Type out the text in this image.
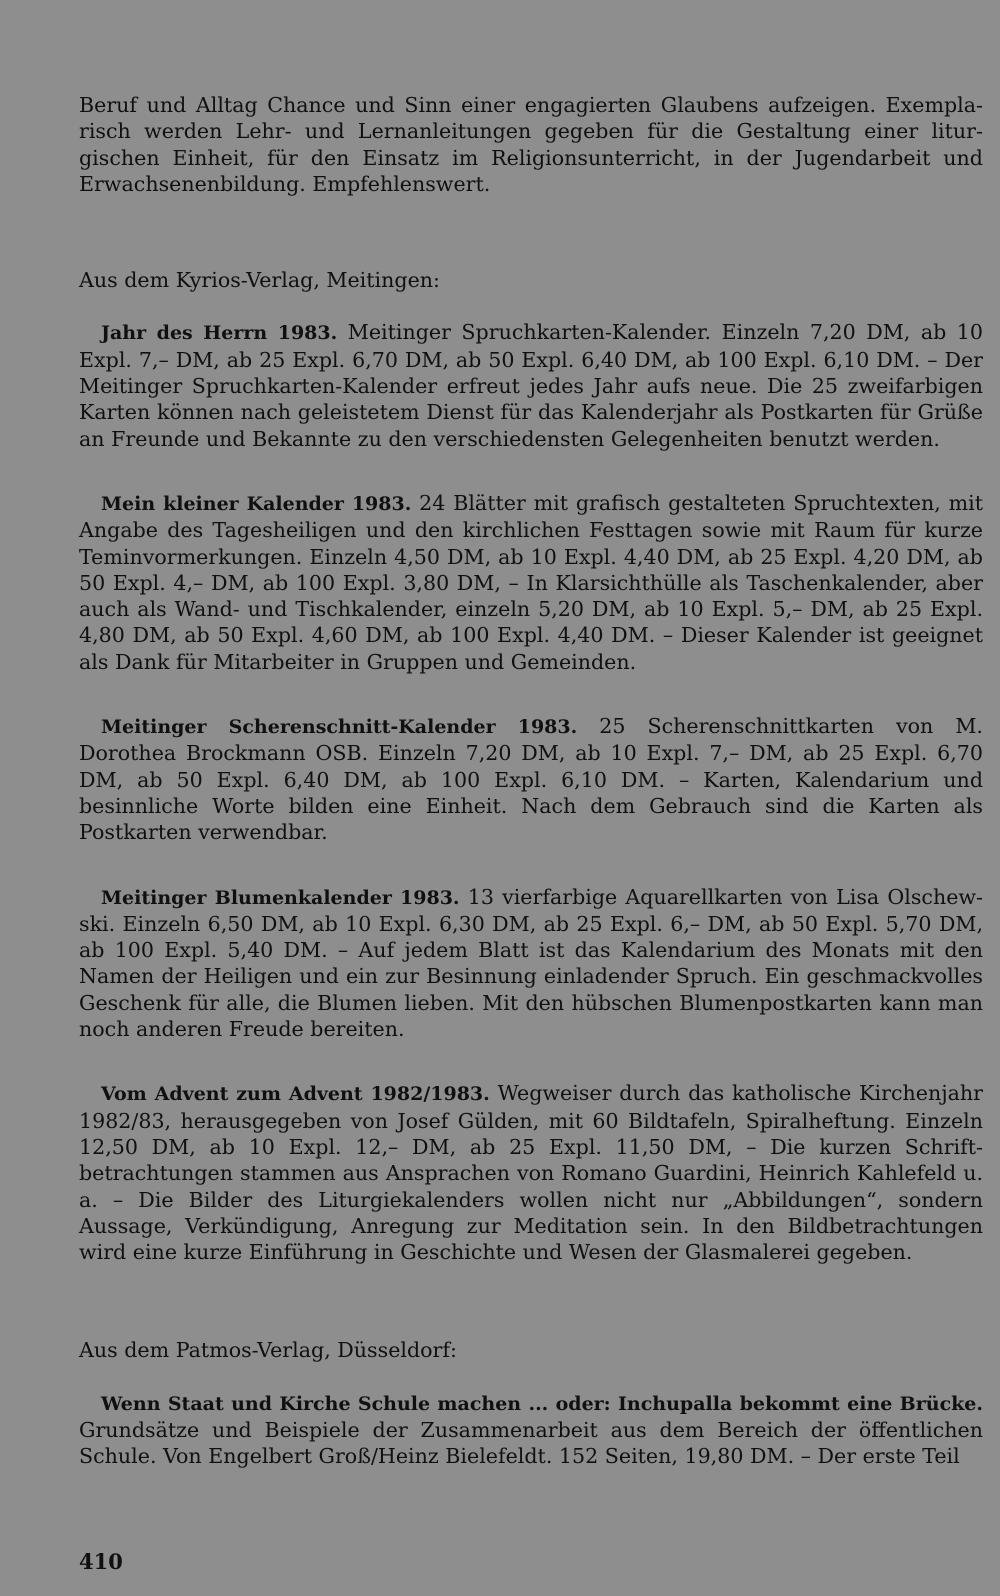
Beruf und Alltag Chance und Sinn einer engagierten Glaubens aufzeigen. Exemplarisch werden Lehr- und Lernanleitungen gegeben für die Gestaltung einer liturgischen Einheit, für den Einsatz im Religionsunterricht, in der Jugendarbeit und Erwachsenenbildung. Empfehlenswert.

Aus dem Kyrios-Verlag, Meitingen:

Jahr des Herrn 1983. Meitinger Spruchkarten-Kalender. Einzeln 7,20 DM, ab 10 Expl. 7,– DM, ab 25 Expl. 6,70 DM, ab 50 Expl. 6,40 DM, ab 100 Expl. 6,10 DM. – Der Meitinger Spruchkarten-Kalender erfreut jedes Jahr aufs neue. Die 25 zweifarbigen Karten können nach geleistetem Dienst für das Kalenderjahr als Postkarten für Grüße an Freunde und Bekannte zu den verschiedensten Gelegenheiten benutzt werden.

Mein kleiner Kalender 1983. 24 Blätter mit grafisch gestalteten Spruchtexten, mit Angabe des Tagesheiligen und den kirchlichen Festtagen sowie mit Raum für kurze Teminvormerkungen. Einzeln 4,50 DM, ab 10 Expl. 4,40 DM, ab 25 Expl. 4,20 DM, ab 50 Expl. 4,– DM, ab 100 Expl. 3,80 DM, – In Klarsichthülle als Taschenkalender, aber auch als Wand- und Tischkalender, einzeln 5,20 DM, ab 10 Expl. 5,– DM, ab 25 Expl. 4,80 DM, ab 50 Expl. 4,60 DM, ab 100 Expl. 4,40 DM. – Dieser Kalender ist geeignet als Dank für Mitarbeiter in Gruppen und Gemeinden.

Meitinger Scherenschnitt-Kalender 1983. 25 Scherenschnittkarten von M. Dorothea Brockmann OSB. Einzeln 7,20 DM, ab 10 Expl. 7,– DM, ab 25 Expl. 6,70 DM, ab 50 Expl. 6,40 DM, ab 100 Expl. 6,10 DM. – Karten, Kalendarium und besinnliche Worte bilden eine Einheit. Nach dem Gebrauch sind die Karten als Postkarten verwendbar.

Meitinger Blumenkalender 1983. 13 vierfarbige Aquarellkarten von Lisa Olschewski. Einzeln 6,50 DM, ab 10 Expl. 6,30 DM, ab 25 Expl. 6,– DM, ab 50 Expl. 5,70 DM, ab 100 Expl. 5,40 DM. – Auf jedem Blatt ist das Kalendarium des Monats mit den Namen der Heiligen und ein zur Besinnung einladender Spruch. Ein geschmackvolles Geschenk für alle, die Blumen lieben. Mit den hübschen Blumenpostkarten kann man noch anderen Freude bereiten.

Vom Advent zum Advent 1982/1983. Wegweiser durch das katholische Kirchenjahr 1982/83, herausgegeben von Josef Gülden, mit 60 Bildtafeln, Spiralheftung. Einzeln 12,50 DM, ab 10 Expl. 12,– DM, ab 25 Expl. 11,50 DM, – Die kurzen Schriftbetrachtungen stammen aus Ansprachen von Romano Guardini, Heinrich Kahlefeld u. a. – Die Bilder des Liturgiekalenders wollen nicht nur „Abbildungen“, sondern Aussage, Verkündigung, Anregung zur Meditation sein. In den Bildbetrachtungen wird eine kurze Einführung in Geschichte und Wesen der Glasmalerei gegeben.

Aus dem Patmos-Verlag, Düsseldorf:

Wenn Staat und Kirche Schule machen ... oder: Inchupalla bekommt eine Brücke. Grundsätze und Beispiele der Zusammenarbeit aus dem Bereich der öffentlichen Schule. Von Engelbert Groß/Heinz Bielefeldt. 152 Seiten, 19,80 DM. – Der erste Teil

410
